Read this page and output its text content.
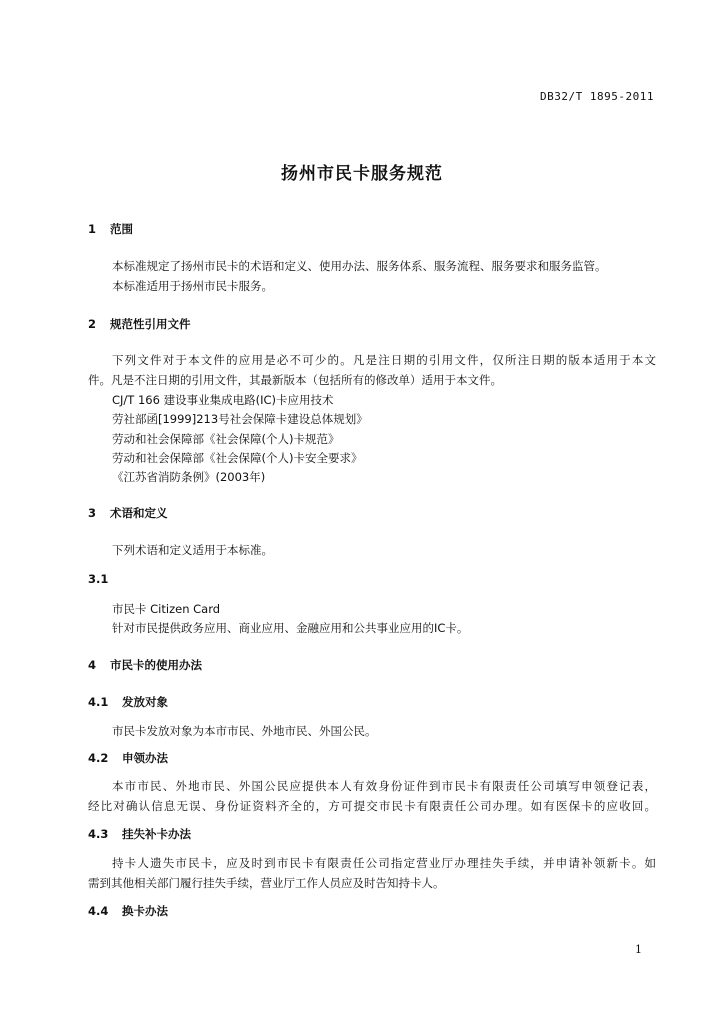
DB32/T 1895-2011
扬州市民卡服务规范
1 范围
本标准规定了扬州市民卡的术语和定义、使用办法、服务体系、服务流程、服务要求和服务监管。
本标准适用于扬州市民卡服务。
2 规范性引用文件
下列文件对于本文件的应用是必不可少的。凡是注日期的引用文件，仅所注日期的版本适用于本文
件。凡是不注日期的引用文件，其最新版本（包括所有的修改单）适用于本文件。
CJ/T 166 建设事业集成电路(IC)卡应用技术
劳社部函[1999]213号社会保障卡建设总体规划》
劳动和社会保障部《社会保障(个人)卡规范》
劳动和社会保障部《社会保障(个人)卡安全要求》
《江苏省消防条例》(2003年)
3 术语和定义
下列术语和定义适用于本标准。
3.1
市民卡 Citizen Card
针对市民提供政务应用、商业应用、金融应用和公共事业应用的IC卡。
4 市民卡的使用办法
4.1 发放对象
市民卡发放对象为本市市民、外地市民、外国公民。
4.2 申领办法
本市市民、外地市民、外国公民应提供本人有效身份证件到市民卡有限责任公司填写申领登记表，
经比对确认信息无误、身份证资料齐全的，方可提交市民卡有限责任公司办理。如有医保卡的应收回。
4.3 挂失补卡办法
持卡人遗失市民卡，应及时到市民卡有限责任公司指定营业厅办理挂失手续，并申请补领新卡。如
需到其他相关部门履行挂失手续，营业厅工作人员应及时告知持卡人。
4.4 换卡办法
1
